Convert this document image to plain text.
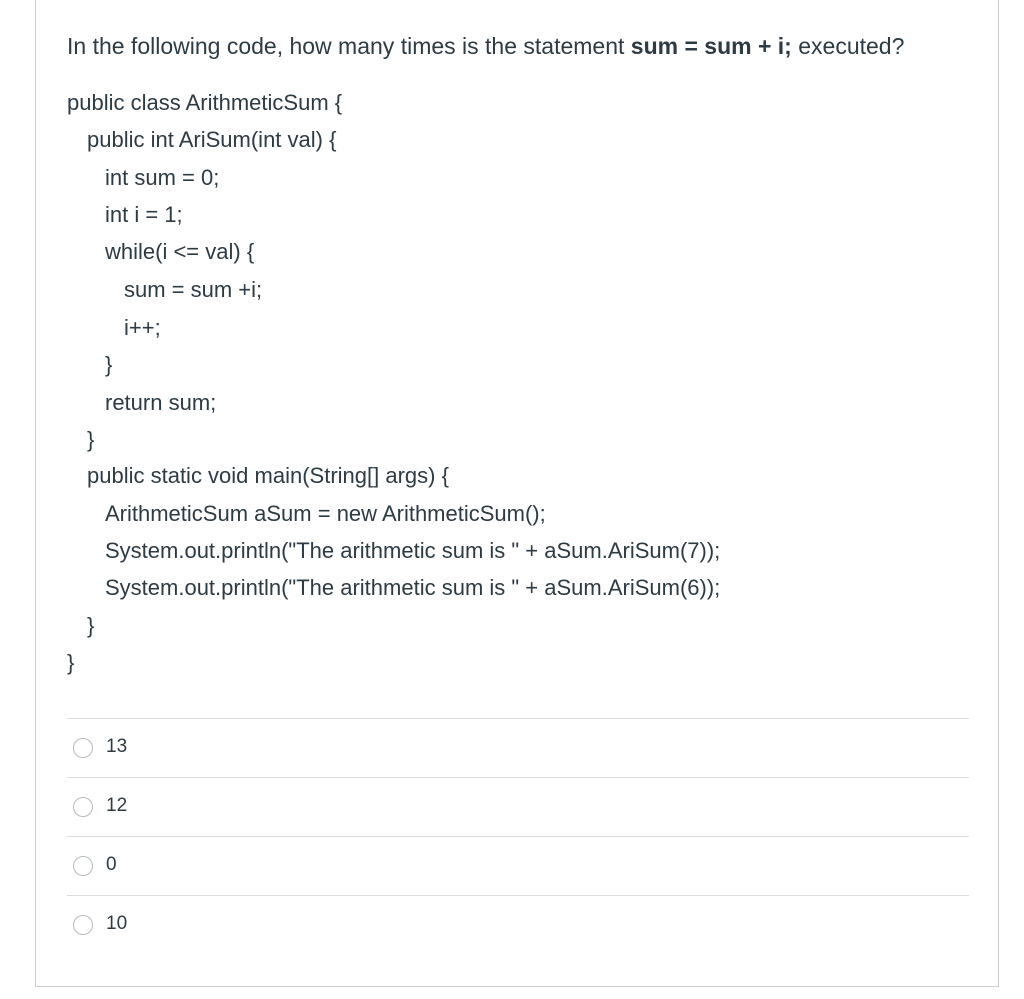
In the following code, how many times is the statement sum = sum + i; executed?
public class ArithmeticSum {
public int AriSum(int val) {
int sum = 0;
int i = 1;
while(i <= val) {
sum = sum +i;
i++;
}
return sum;
}
public static void main(String[] args) {
ArithmeticSum aSum = new ArithmeticSum();
System.out.println("The arithmetic sum is " + aSum.AriSum(7));
System.out.println("The arithmetic sum is " + aSum.AriSum(6));
}
}
13
12
0
10
